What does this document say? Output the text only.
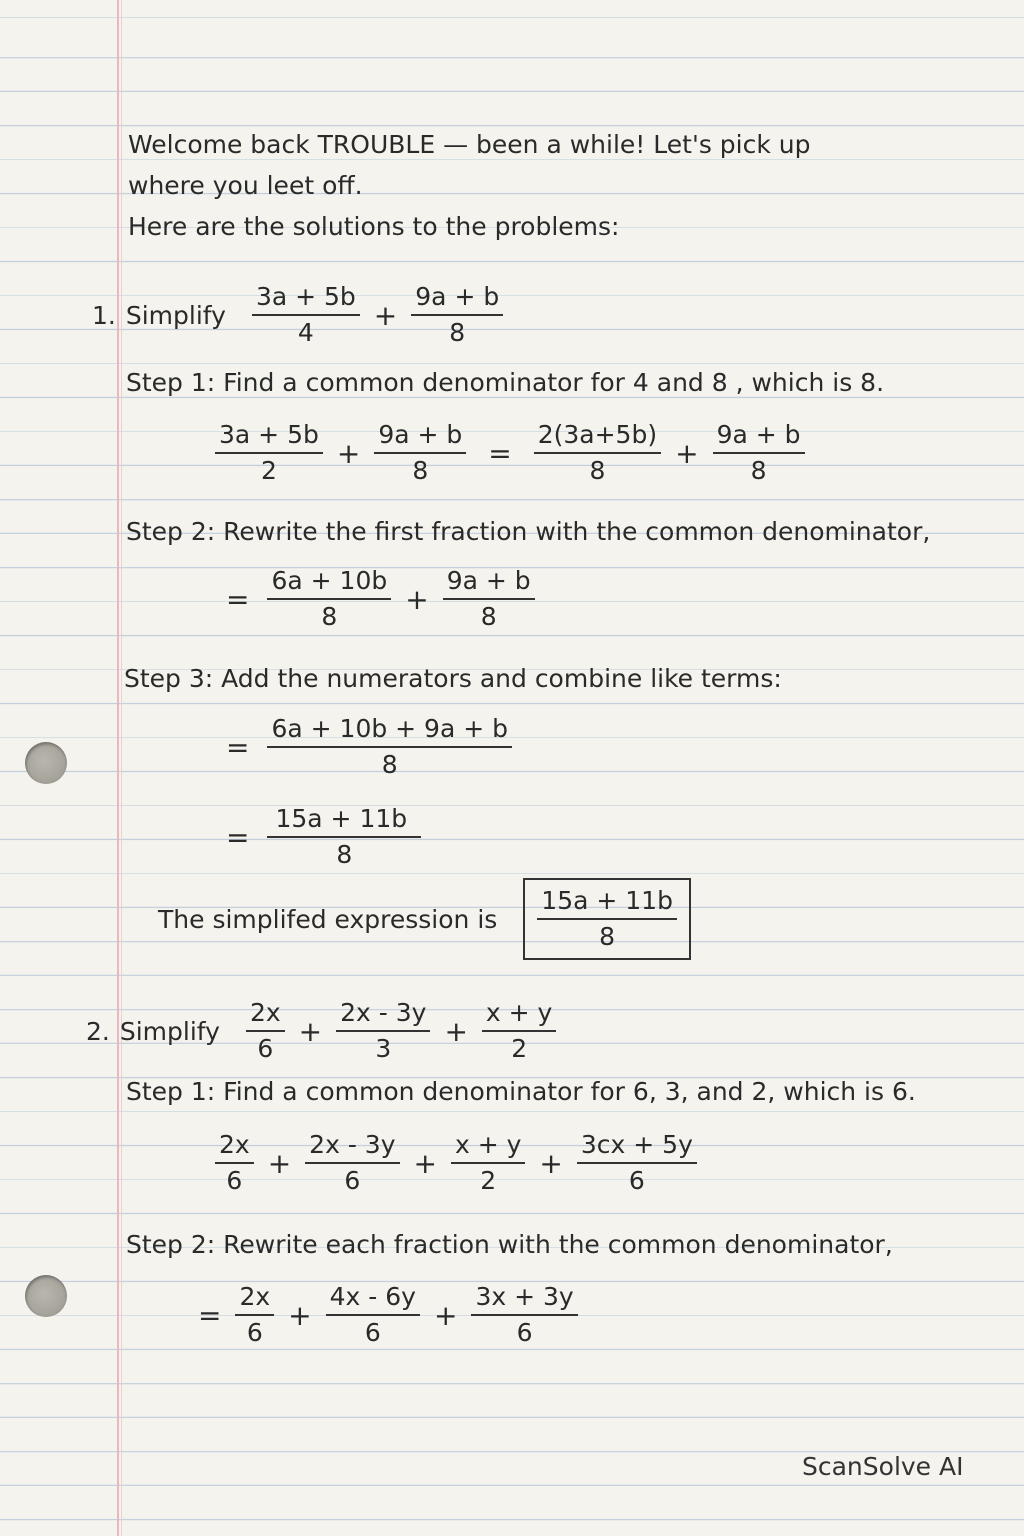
Welcome back TROUBLE — been a while! Let's pick up
where you leet off.
Here are the solutions to the problems:
1. Simplify $\frac{3a + 5b}{4} + \frac{9a + b}{8}$
Step 1: Find a common denominator for 4 and 8 , which is 8.
$\frac{3a + 5b}{2} + \frac{9a + b}{8} = \frac{2(3a+5b)}{8} + \frac{9a + b}{8}$
Step 2: Rewrite the first fraction with the common denominator,
= $\frac{6a + 10b}{8} + \frac{9a + b}{8}$
Step 3: Add the numerators and combine like terms:
= $\frac{6a + 10b + 9a + b}{8}$
= $\frac{15a + 11b}{8}$
The simplifed expression is $\frac{15a + 11b}{8}$
2. Simplify $\frac{2x}{6} + \frac{2x - 3y}{3} + \frac{x + y}{2}$
Step 1: Find a common denominator for 6, 3, and 2, which is 6.
$\frac{2x}{6} + \frac{2x - 3y}{6} + \frac{x + y}{2} + \frac{3cx + 5y}{6}$
Step 2: Rewrite each fraction with the common denominator,
= $\frac{2x}{6} + \frac{4x - 6y}{6} + \frac{3x + 3y}{6}$
ScanSolve AI
